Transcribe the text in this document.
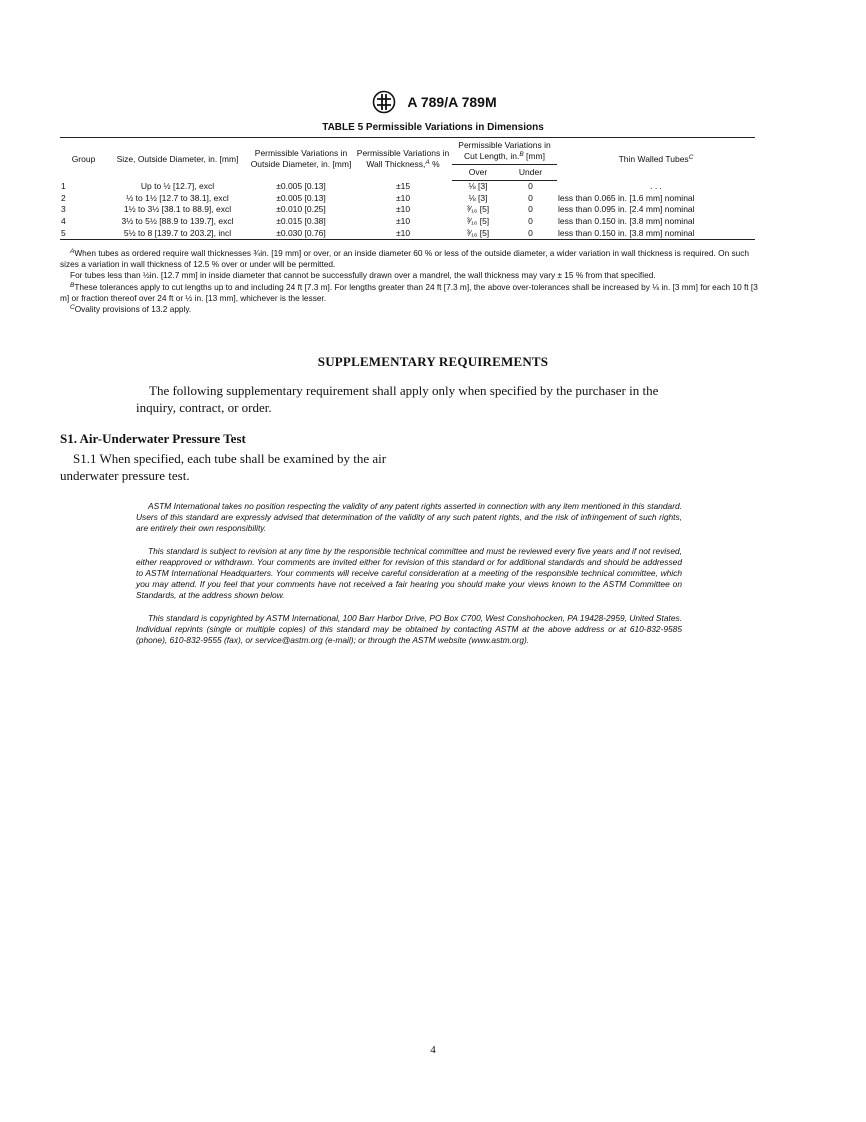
A 789/A 789M
TABLE 5 Permissible Variations in Dimensions
Group	Size, Outside Diameter, in. [mm]	Permissible Variations in Outside Diameter, in. [mm]	Permissible Variations in Wall Thickness,$^A$ %	Permissible Variations in Cut Length, in.$^B$ [mm]		Thin Walled Tubes$^C$
				Over	Under	
1	Up to ½ [12.7], excl	±0.005 [0.13]	±15	⅛ [3]	0	. . .
2	½ to 1½ [12.7 to 38.1], excl	±0.005 [0.13]	±10	⅛ [3]	0	less than 0.065 in. [1.6 mm] nominal
3	1½ to 3½ [38.1 to 88.9], excl	±0.010 [0.25]	±10	³⁄₁₆ [5]	0	less than 0.095 in. [2.4 mm] nominal
4	3½ to 5½ [88.9 to 139.7], excl	±0.015 [0.38]	±10	³⁄₁₆ [5]	0	less than 0.150 in. [3.8 mm] nominal
5	5½ to 8 [139.7 to 203.2], incl	±0.030 [0.76]	±10	³⁄₁₆ [5]	0	less than 0.150 in. [3.8 mm] nominal

$^A$When tubes as ordered require wall thicknesses ¾in. [19 mm] or over, or an inside diameter 60 % or less of the outside diameter, a wider variation in wall thickness is required. On such sizes a variation in wall thickness of 12.5 % over or under will be permitted.

For tubes less than ½in. [12.7 mm] in inside diameter that cannot be successfully drawn over a mandrel, the wall thickness may vary ± 15 % from that specified.

$^B$These tolerances apply to cut lengths up to and including 24 ft [7.3 m]. For lengths greater than 24 ft [7.3 m], the above over-tolerances shall be increased by ⅛ in. [3 mm] for each 10 ft [3 m] or fraction thereof over 24 ft or ½ in. [13 mm], whichever is the lesser.

$^C$Ovality provisions of 13.2 apply.

SUPPLEMENTARY REQUIREMENTS

The following supplementary requirement shall apply only when specified by the purchaser in the inquiry, contract, or order.

S1. Air-Underwater Pressure Test

S1.1 When specified, each tube shall be examined by the air underwater pressure test.

ASTM International takes no position respecting the validity of any patent rights asserted in connection with any item mentioned in this standard. Users of this standard are expressly advised that determination of the validity of any such patent rights, and the risk of infringement of such rights, are entirely their own responsibility.

This standard is subject to revision at any time by the responsible technical committee and must be reviewed every five years and if not revised, either reapproved or withdrawn. Your comments are invited either for revision of this standard or for additional standards and should be addressed to ASTM International Headquarters. Your comments will receive careful consideration at a meeting of the responsible technical committee, which you may attend. If you feel that your comments have not received a fair hearing you should make your views known to the ASTM Committee on Standards, at the address shown below.

This standard is copyrighted by ASTM International, 100 Barr Harbor Drive, PO Box C700, West Conshohocken, PA 19428-2959, United States. Individual reprints (single or multiple copies) of this standard may be obtained by contacting ASTM at the above address or at 610-832-9585 (phone), 610-832-9555 (fax), or service@astm.org (e-mail); or through the ASTM website (www.astm.org).

4
